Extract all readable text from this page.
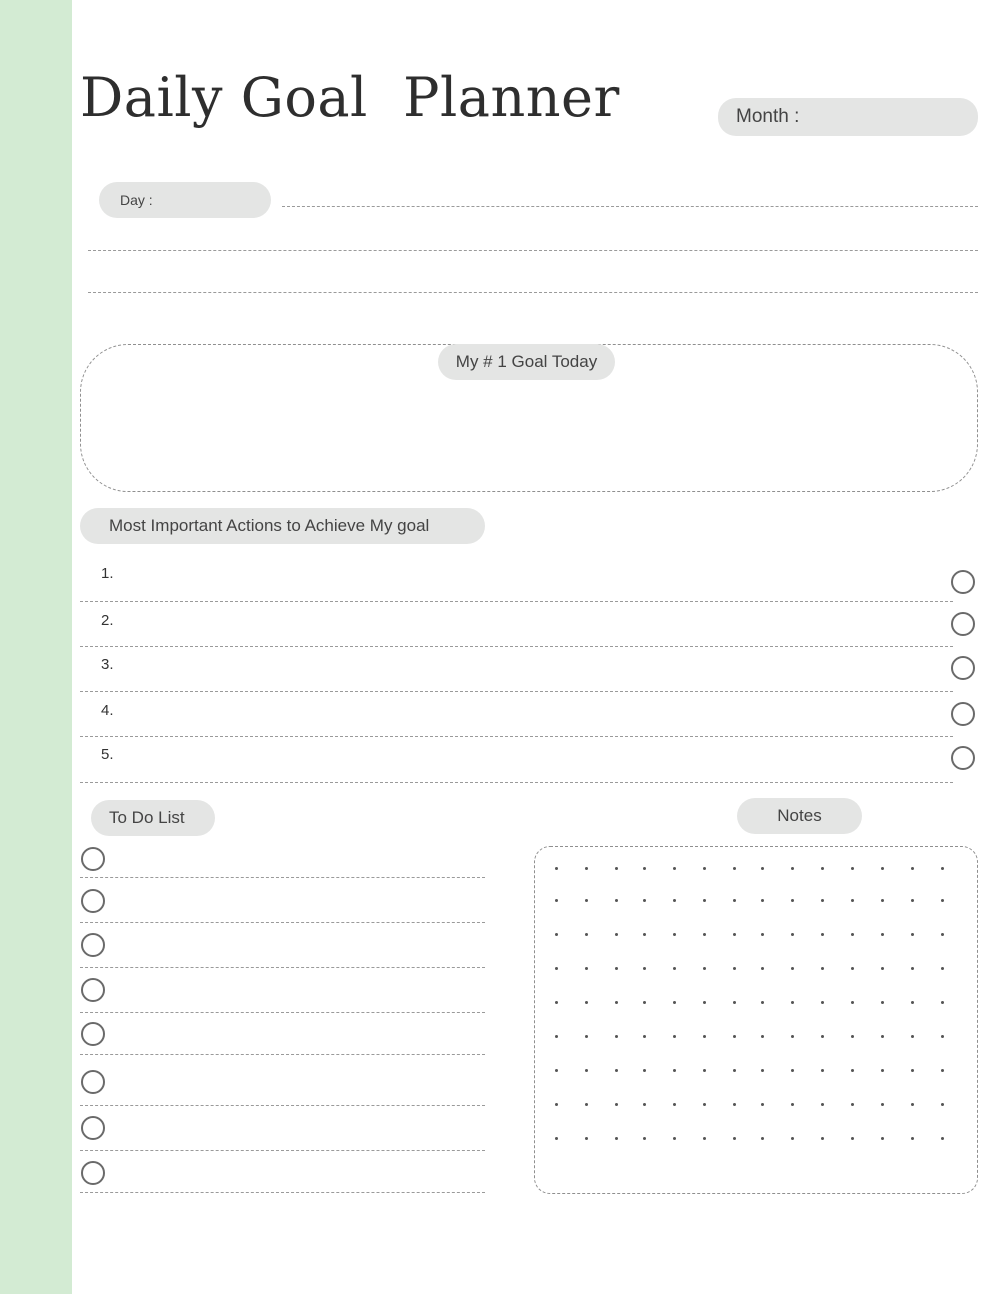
Daily Goal  Planner	Month :
Day :
My # 1 Goal Today
Most Important Actions to Achieve My goal
1.
2.
3.
4.
5.
To Do List	Notes
